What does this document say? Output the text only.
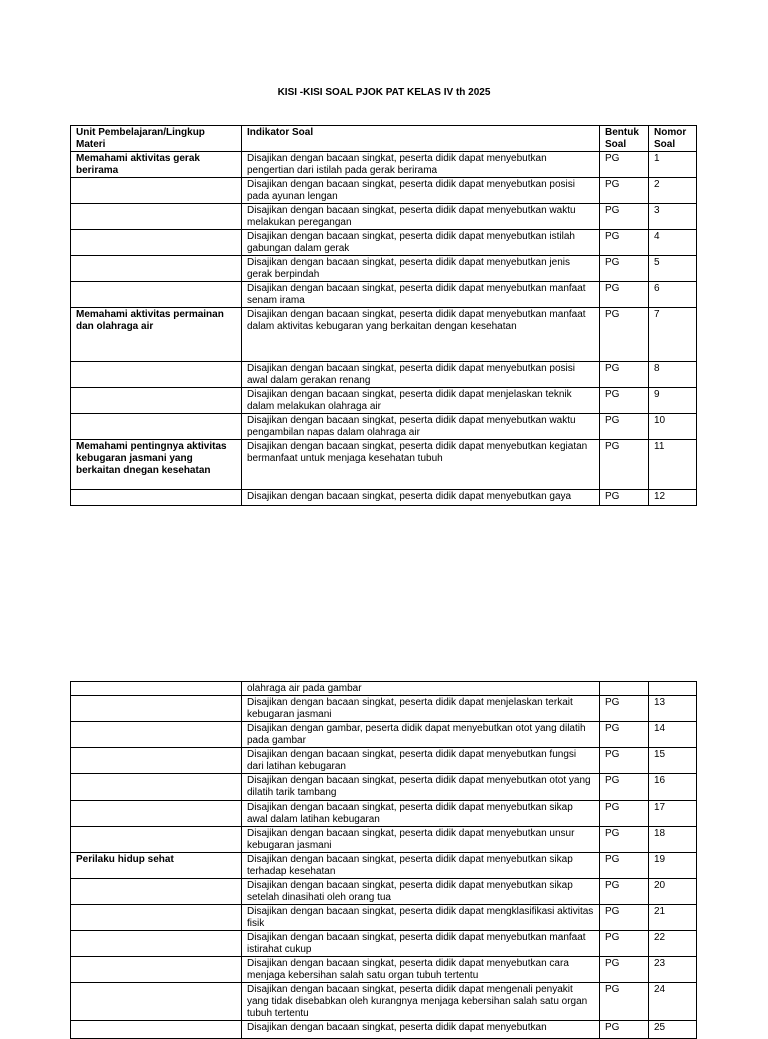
KISI -KISI SOAL PJOK PAT KELAS IV th 2025
Unit Pembelajaran/Lingkup Materi	Indikator Soal	Bentuk Soal	Nomor Soal
Memahami aktivitas gerak berirama	Disajikan dengan bacaan singkat, peserta didik dapat menyebutkan pengertian dari istilah pada gerak berirama	PG	1
	Disajikan dengan bacaan singkat, peserta didik dapat menyebutkan posisi pada ayunan lengan	PG	2
	Disajikan dengan bacaan singkat, peserta didik dapat menyebutkan waktu melakukan peregangan	PG	3
	Disajikan dengan bacaan singkat, peserta didik dapat menyebutkan istilah gabungan dalam gerak	PG	4
	Disajikan dengan bacaan singkat, peserta didik dapat menyebutkan jenis gerak berpindah	PG	5
	Disajikan dengan bacaan singkat, peserta didik dapat menyebutkan manfaat senam irama	PG	6
Memahami aktivitas permainan dan olahraga air	Disajikan dengan bacaan singkat, peserta didik dapat menyebutkan manfaat dalam aktivitas kebugaran yang berkaitan dengan kesehatan	PG	7
	Disajikan dengan bacaan singkat, peserta didik dapat menyebutkan posisi awal dalam gerakan renang	PG	8
	Disajikan dengan bacaan singkat, peserta didik dapat menjelaskan teknik dalam melakukan olahraga air	PG	9
	Disajikan dengan bacaan singkat, peserta didik dapat menyebutkan waktu pengambilan napas dalam olahraga air	PG	10
Memahami pentingnya aktivitas kebugaran jasmani yang berkaitan dnegan kesehatan	Disajikan dengan bacaan singkat, peserta didik dapat menyebutkan kegiatan bermanfaat untuk menjaga kesehatan tubuh	PG	11
	Disajikan dengan bacaan singkat, peserta didik dapat menyebutkan gaya	PG	12
	olahraga air pada gambar		
	Disajikan dengan bacaan singkat, peserta didik dapat menjelaskan terkait kebugaran jasmani	PG	13
	Disajikan dengan gambar, peserta didik dapat menyebutkan otot yang dilatih pada gambar	PG	14
	Disajikan dengan bacaan singkat, peserta didik dapat menyebutkan fungsi dari latihan kebugaran	PG	15
	Disajikan dengan bacaan singkat, peserta didik dapat menyebutkan otot yang dilatih tarik tambang	PG	16
	Disajikan dengan bacaan singkat, peserta didik dapat menyebutkan sikap awal dalam latihan kebugaran	PG	17
	Disajikan dengan bacaan singkat, peserta didik dapat menyebutkan unsur kebugaran jasmani	PG	18
Perilaku hidup sehat	Disajikan dengan bacaan singkat, peserta didik dapat menyebutkan sikap terhadap kesehatan	PG	19
	Disajikan dengan bacaan singkat, peserta didik dapat menyebutkan sikap setelah dinasihati oleh orang tua	PG	20
	Disajikan dengan bacaan singkat, peserta didik dapat mengklasifikasi aktivitas fisik	PG	21
	Disajikan dengan bacaan singkat, peserta didik dapat menyebutkan manfaat istirahat cukup	PG	22
	Disajikan dengan bacaan singkat, peserta didik dapat menyebutkan cara menjaga kebersihan salah satu organ tubuh tertentu	PG	23
	Disajikan dengan bacaan singkat, peserta didik dapat mengenali penyakit yang tidak disebabkan oleh kurangnya menjaga kebersihan salah satu organ tubuh tertentu	PG	24
	Disajikan dengan bacaan singkat, peserta didik dapat menyebutkan	PG	25
